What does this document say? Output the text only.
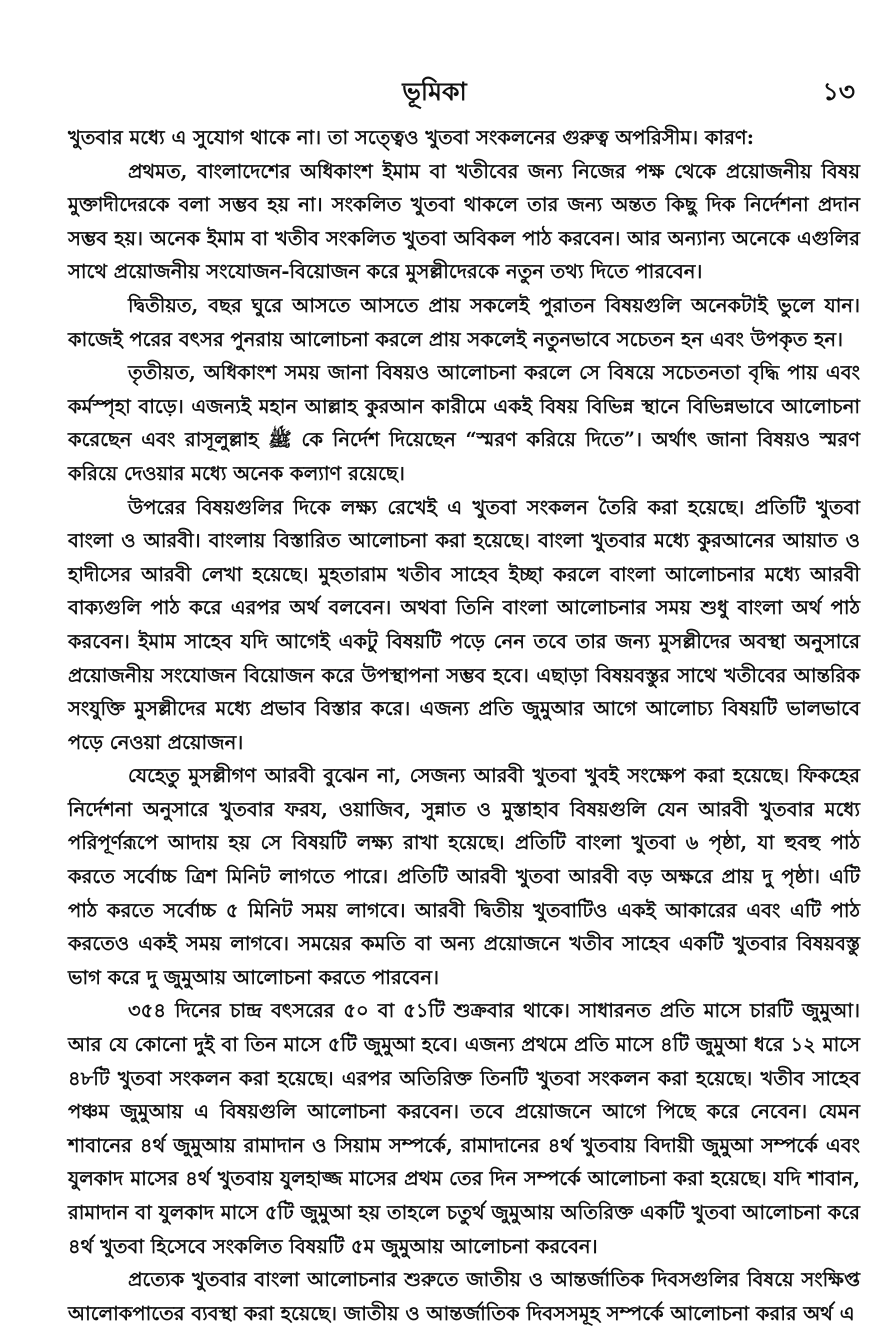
ভূমিকা	১৩

খুতবার মধ্যে এ সুযোগ থাকে না। তা সত্ত্বেও খুতবা সংকলনের গুরুত্ব অপরিসীম। কারণ:

প্রথমত, বাংলাদেশের অধিকাংশ ইমাম বা খতীবের জন্য নিজের পক্ষ থেকে প্রয়োজনীয় বিষয় মুক্তাদীদেরকে বলা সম্ভব হয় না। সংকলিত খুতবা থাকলে তার জন্য অন্তত কিছু দিক নির্দেশনা প্রদান সম্ভব হয়। অনেক ইমাম বা খতীব সংকলিত খুতবা অবিকল পাঠ করবেন। আর অন্যান্য অনেকে এগুলির সাথে প্রয়োজনীয় সংযোজন-বিয়োজন করে মুসল্লীদেরকে নতুন তথ্য দিতে পারবেন।

দ্বিতীয়ত, বছর ঘুরে আসতে আসতে প্রায় সকলেই পুরাতন বিষয়গুলি অনেকটাই ভুলে যান। কাজেই পরের বৎসর পুনরায় আলোচনা করলে প্রায় সকলেই নতুনভাবে সচেতন হন এবং উপকৃত হন।

তৃতীয়ত, অধিকাংশ সময় জানা বিষয়ও আলোচনা করলে সে বিষয়ে সচেতনতা বৃদ্ধি পায় এবং কর্মস্পৃহা বাড়ে। এজন্যই মহান আল্লাহ কুরআন কারীমে একই বিষয় বিভিন্ন স্থানে বিভিন্নভাবে আলোচনা করেছেন এবং রাসূলুল্লাহ ﷺ কে নির্দেশ দিয়েছেন “স্মরণ করিয়ে দিতে”। অর্থাৎ জানা বিষয়ও স্মরণ করিয়ে দেওয়ার মধ্যে অনেক কল্যাণ রয়েছে।

উপরের বিষয়গুলির দিকে লক্ষ্য রেখেই এ খুতবা সংকলন তৈরি করা হয়েছে। প্রতিটি খুতবা বাংলা ও আরবী। বাংলায় বিস্তারিত আলোচনা করা হয়েছে। বাংলা খুতবার মধ্যে কুরআনের আয়াত ও হাদীসের আরবী লেখা হয়েছে। মুহতারাম খতীব সাহেব ইচ্ছা করলে বাংলা আলোচনার মধ্যে আরবী বাক্যগুলি পাঠ করে এরপর অর্থ বলবেন। অথবা তিনি বাংলা আলোচনার সময় শুধু বাংলা অর্থ পাঠ করবেন। ইমাম সাহেব যদি আগেই একটু বিষয়টি পড়ে নেন তবে তার জন্য মুসল্লীদের অবস্থা অনুসারে প্রয়োজনীয় সংযোজন বিয়োজন করে উপস্থাপনা সম্ভব হবে। এছাড়া বিষয়বস্তুর সাথে খতীবের আন্তরিক সংযুক্তি মুসল্লীদের মধ্যে প্রভাব বিস্তার করে। এজন্য প্রতি জুমুআর আগে আলোচ্য বিষয়টি ভালভাবে পড়ে নেওয়া প্রয়োজন।

যেহেতু মুসল্লীগণ আরবী বুঝেন না, সেজন্য আরবী খুতবা খুবই সংক্ষেপ করা হয়েছে। ফিকহের নির্দেশনা অনুসারে খুতবার ফরয, ওয়াজিব, সুন্নাত ও মুস্তাহাব বিষয়গুলি যেন আরবী খুতবার মধ্যে পরিপূর্ণরূপে আদায় হয় সে বিষয়টি লক্ষ্য রাখা হয়েছে। প্রতিটি বাংলা খুতবা ৬ পৃষ্ঠা, যা হুবহু পাঠ করতে সর্বোচ্চ ত্রিশ মিনিট লাগতে পারে। প্রতিটি আরবী খুতবা আরবী বড় অক্ষরে প্রায় দু পৃষ্ঠা। এটি পাঠ করতে সর্বোচ্চ ৫ মিনিট সময় লাগবে। আরবী দ্বিতীয় খুতবাটিও একই আকারের এবং এটি পাঠ করতেও একই সময় লাগবে। সময়ের কমতি বা অন্য প্রয়োজনে খতীব সাহেব একটি খুতবার বিষয়বস্তু ভাগ করে দু জুমুআয় আলোচনা করতে পারবেন।

৩৫৪ দিনের চান্দ্র বৎসরের ৫০ বা ৫১টি শুক্রবার থাকে। সাধারনত প্রতি মাসে চারটি জুমুআ। আর যে কোনো দুই বা তিন মাসে ৫টি জুমুআ হবে। এজন্য প্রথমে প্রতি মাসে ৪টি জুমুআ ধরে ১২ মাসে ৪৮টি খুতবা সংকলন করা হয়েছে। এরপর অতিরিক্ত তিনটি খুতবা সংকলন করা হয়েছে। খতীব সাহেব পঞ্চম জুমুআয় এ বিষয়গুলি আলোচনা করবেন। তবে প্রয়োজনে আগে পিছে করে নেবেন। যেমন শাবানের ৪র্থ জুমুআয় রামাদান ও সিয়াম সম্পর্কে, রামাদানের ৪র্থ খুতবায় বিদায়ী জুমুআ সম্পর্কে এবং যুলকাদ মাসের ৪র্থ খুতবায় যুলহাজ্জ মাসের প্রথম তের দিন সম্পর্কে আলোচনা করা হয়েছে। যদি শাবান, রামাদান বা যুলকাদ মাসে ৫টি জুমুআ হয় তাহলে চতুর্থ জুমুআয় অতিরিক্ত একটি খুতবা আলোচনা করে ৪র্থ খুতবা হিসেবে সংকলিত বিষয়টি ৫ম জুমুআয় আলোচনা করবেন।

প্রত্যেক খুতবার বাংলা আলোচনার শুরুতে জাতীয় ও আন্তর্জাতিক দিবসগুলির বিষয়ে সংক্ষিপ্ত আলোকপাতের ব্যবস্থা করা হয়েছে। জাতীয় ও আন্তর্জাতিক দিবসসমূহ সম্পর্কে আলোচনা করার অর্থ এ
